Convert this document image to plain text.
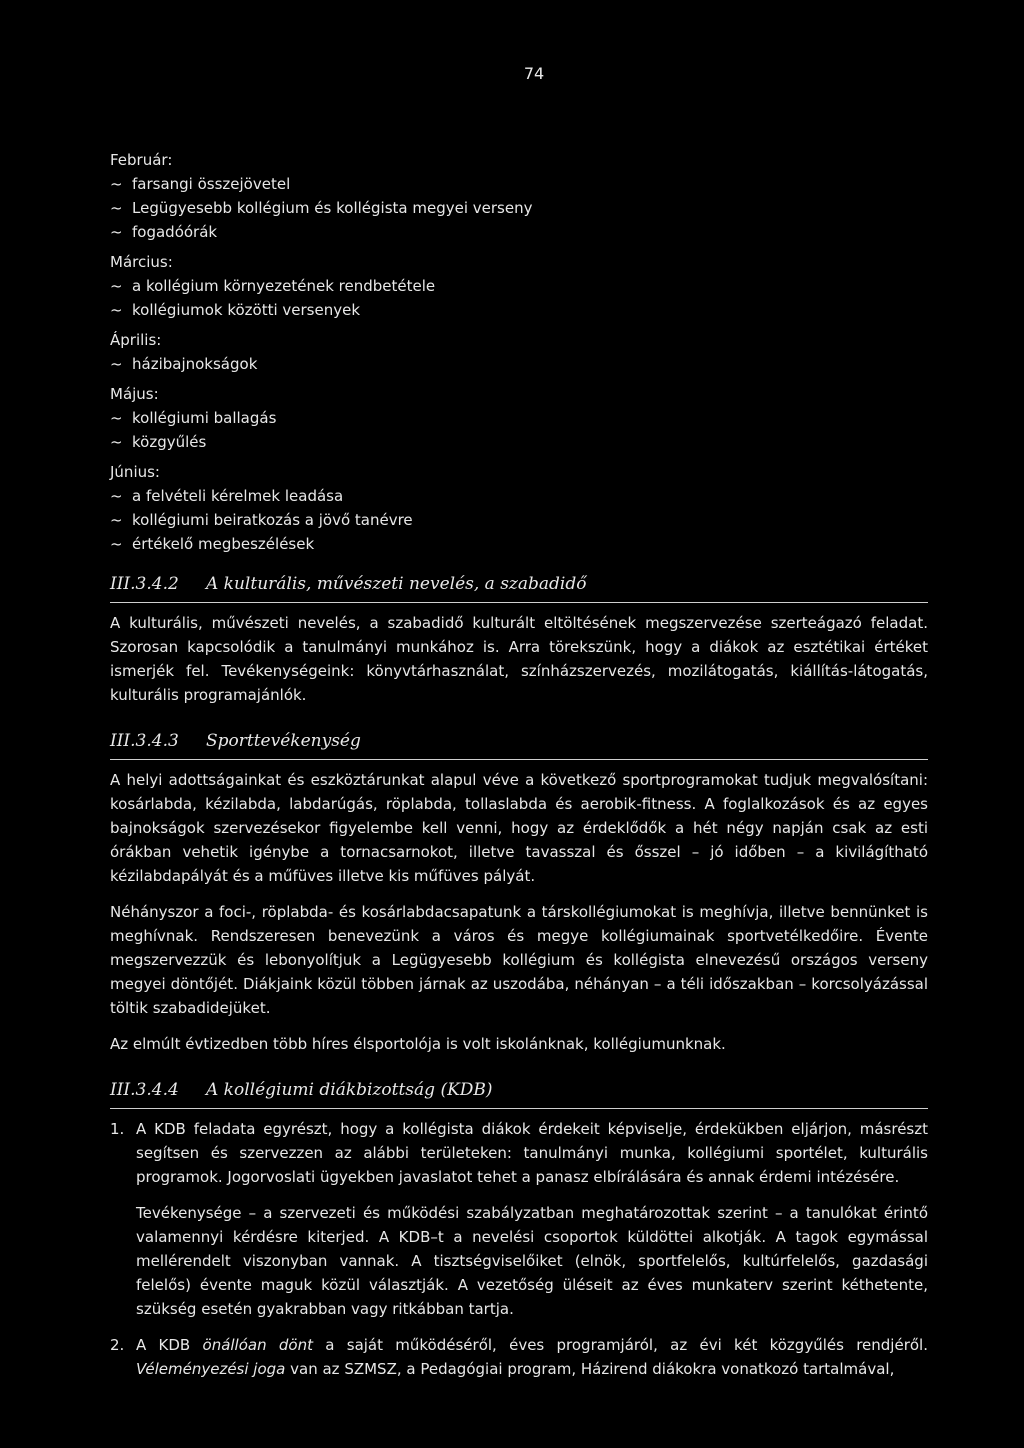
74
Február:
~ farsangi összejövetel
~ Legügyesebb kollégium és kollégista megyei verseny
~ fogadóórák
Március:
~ a kollégium környezetének rendbetétele
~ kollégiumok közötti versenyek
Április:
~ házibajnokságok
Május:
~ kollégiumi ballagás
~ közgyűlés
Június:
~ a felvételi kérelmek leadása
~ kollégiumi beiratkozás a jövő tanévre
~ értékelő megbeszélések
III.3.4.2	A kulturális, művészeti nevelés, a szabadidő

A kulturális, művészeti nevelés, a szabadidő kulturált eltöltésének megszervezése szerteágazó feladat. Szorosan kapcsolódik a tanulmányi munkához is. Arra törekszünk, hogy a diákok az esztétikai értéket ismerjék fel. Tevékenységeink: könyvtárhasználat, színházszervezés, mozilátogatás, kiállítás-látogatás, kulturális programajánlók.

III.3.4.3	Sporttevékenység

A helyi adottságainkat és eszköztárunkat alapul véve a következő sportprogramokat tudjuk megvalósítani: kosárlabda, kézilabda, labdarúgás, röplabda, tollaslabda és aerobik-fitness. A foglalkozások és az egyes bajnokságok szervezésekor figyelembe kell venni, hogy az érdeklődők a hét négy napján csak az esti órákban vehetik igénybe a tornacsarnokot, illetve tavasszal és ősszel – jó időben – a kivilágítható kézilabdapályát és a műfüves illetve kis műfüves pályát.

Néhányszor a foci-, röplabda- és kosárlabdacsapatunk a társkollégiumokat is meghívja, illetve bennünket is meghívnak. Rendszeresen benevezünk a város és megye kollégiumainak sportvetélkedőire. Évente megszervezzük és lebonyolítjuk a Legügyesebb kollégium és kollégista elnevezésű országos verseny megyei döntőjét. Diákjaink közül többen járnak az uszodába, néhányan – a téli időszakban – korcsolyázással töltik szabadidejüket.

Az elmúlt évtizedben több híres élsportolója is volt iskolánknak, kollégiumunknak.

III.3.4.4	A kollégiumi diákbizottság (KDB)
1. A KDB feladata egyrészt, hogy a kollégista diákok érdekeit képviselje, érdekükben eljárjon, másrészt segítsen és szervezzen az alábbi területeken: tanulmányi munka, kollégiumi sportélet, kulturális programok. Jogorvoslati ügyekben javaslatot tehet a panasz elbírálására és annak érdemi intézésére.

Tevékenysége – a szervezeti és működési szabályzatban meghatározottak szerint – a tanulókat érintő valamennyi kérdésre kiterjed. A KDB–t a nevelési csoportok küldöttei alkotják. A tagok egymással mellérendelt viszonyban vannak. A tisztségviselőiket (elnök, sportfelelős, kultúrfelelős, gazdasági felelős) évente maguk közül választják. A vezetőség üléseit az éves munkaterv szerint kéthetente, szükség esetén gyakrabban vagy ritkábban tartja.

2. A KDB önállóan dönt a saját működéséről, éves programjáról, az évi két közgyűlés rendjéről. Véleményezési joga van az SZMSZ, a Pedagógiai program, Házirend diákokra vonatkozó tartalmával,
